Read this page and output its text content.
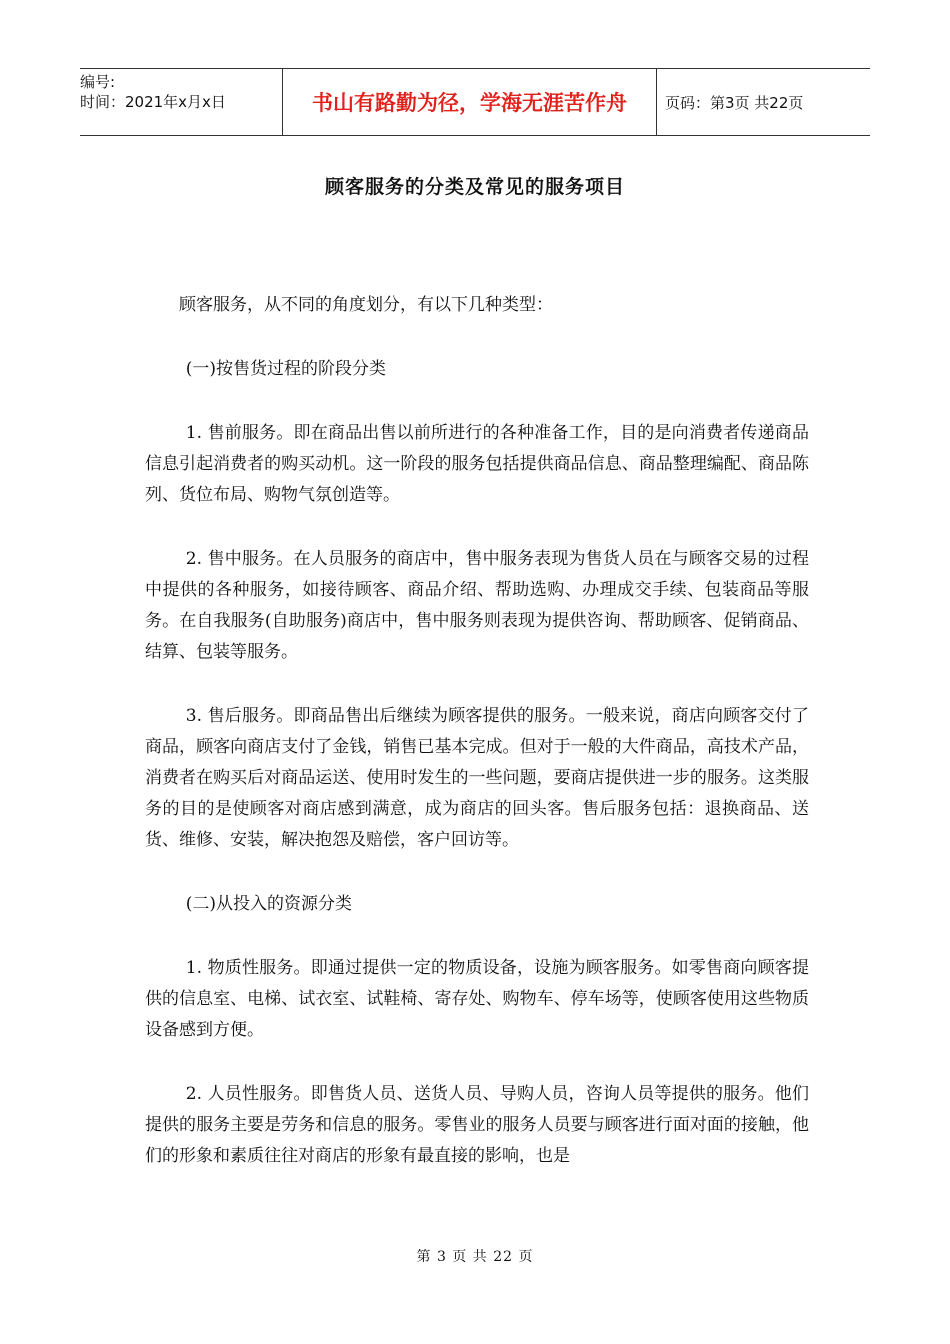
编号:
时间：2021年x月x日	书山有路勤为径，学海无涯苦作舟	页码：第3页 共22页
顾客服务的分类及常见的服务项目

顾客服务，从不同的角度划分，有以下几种类型：

(一)按售货过程的阶段分类

1. 售前服务。即在商品出售以前所进行的各种准备工作，目的是向消费者传递商品信息引起消费者的购买动机。这一阶段的服务包括提供商品信息、商品整理编配、商品陈列、货位布局、购物气氛创造等。

2. 售中服务。在人员服务的商店中，售中服务表现为售货人员在与顾客交易的过程中提供的各种服务，如接待顾客、商品介绍、帮助选购、办理成交手续、包装商品等服务。在自我服务(自助服务)商店中，售中服务则表现为提供咨询、帮助顾客、促销商品、结算、包装等服务。

3. 售后服务。即商品售出后继续为顾客提供的服务。一般来说，商店向顾客交付了商品，顾客向商店支付了金钱，销售已基本完成。但对于一般的大件商品，高技术产品，消费者在购买后对商品运送、使用时发生的一些问题，要商店提供进一步的服务。这类服务的目的是使顾客对商店感到满意，成为商店的回头客。售后服务包括：退换商品、送货、维修、安装，解决抱怨及赔偿，客户回访等。

(二)从投入的资源分类

1. 物质性服务。即通过提供一定的物质设备，设施为顾客服务。如零售商向顾客提供的信息室、电梯、试衣室、试鞋椅、寄存处、购物车、停车场等，使顾客使用这些物质设备感到方便。

2. 人员性服务。即售货人员、送货人员、导购人员，咨询人员等提供的服务。他们提供的服务主要是劳务和信息的服务。零售业的服务人员要与顾客进行面对面的接触，他们的形象和素质往往对商店的形象有最直接的影响，也是

第 3 页 共 22 页
